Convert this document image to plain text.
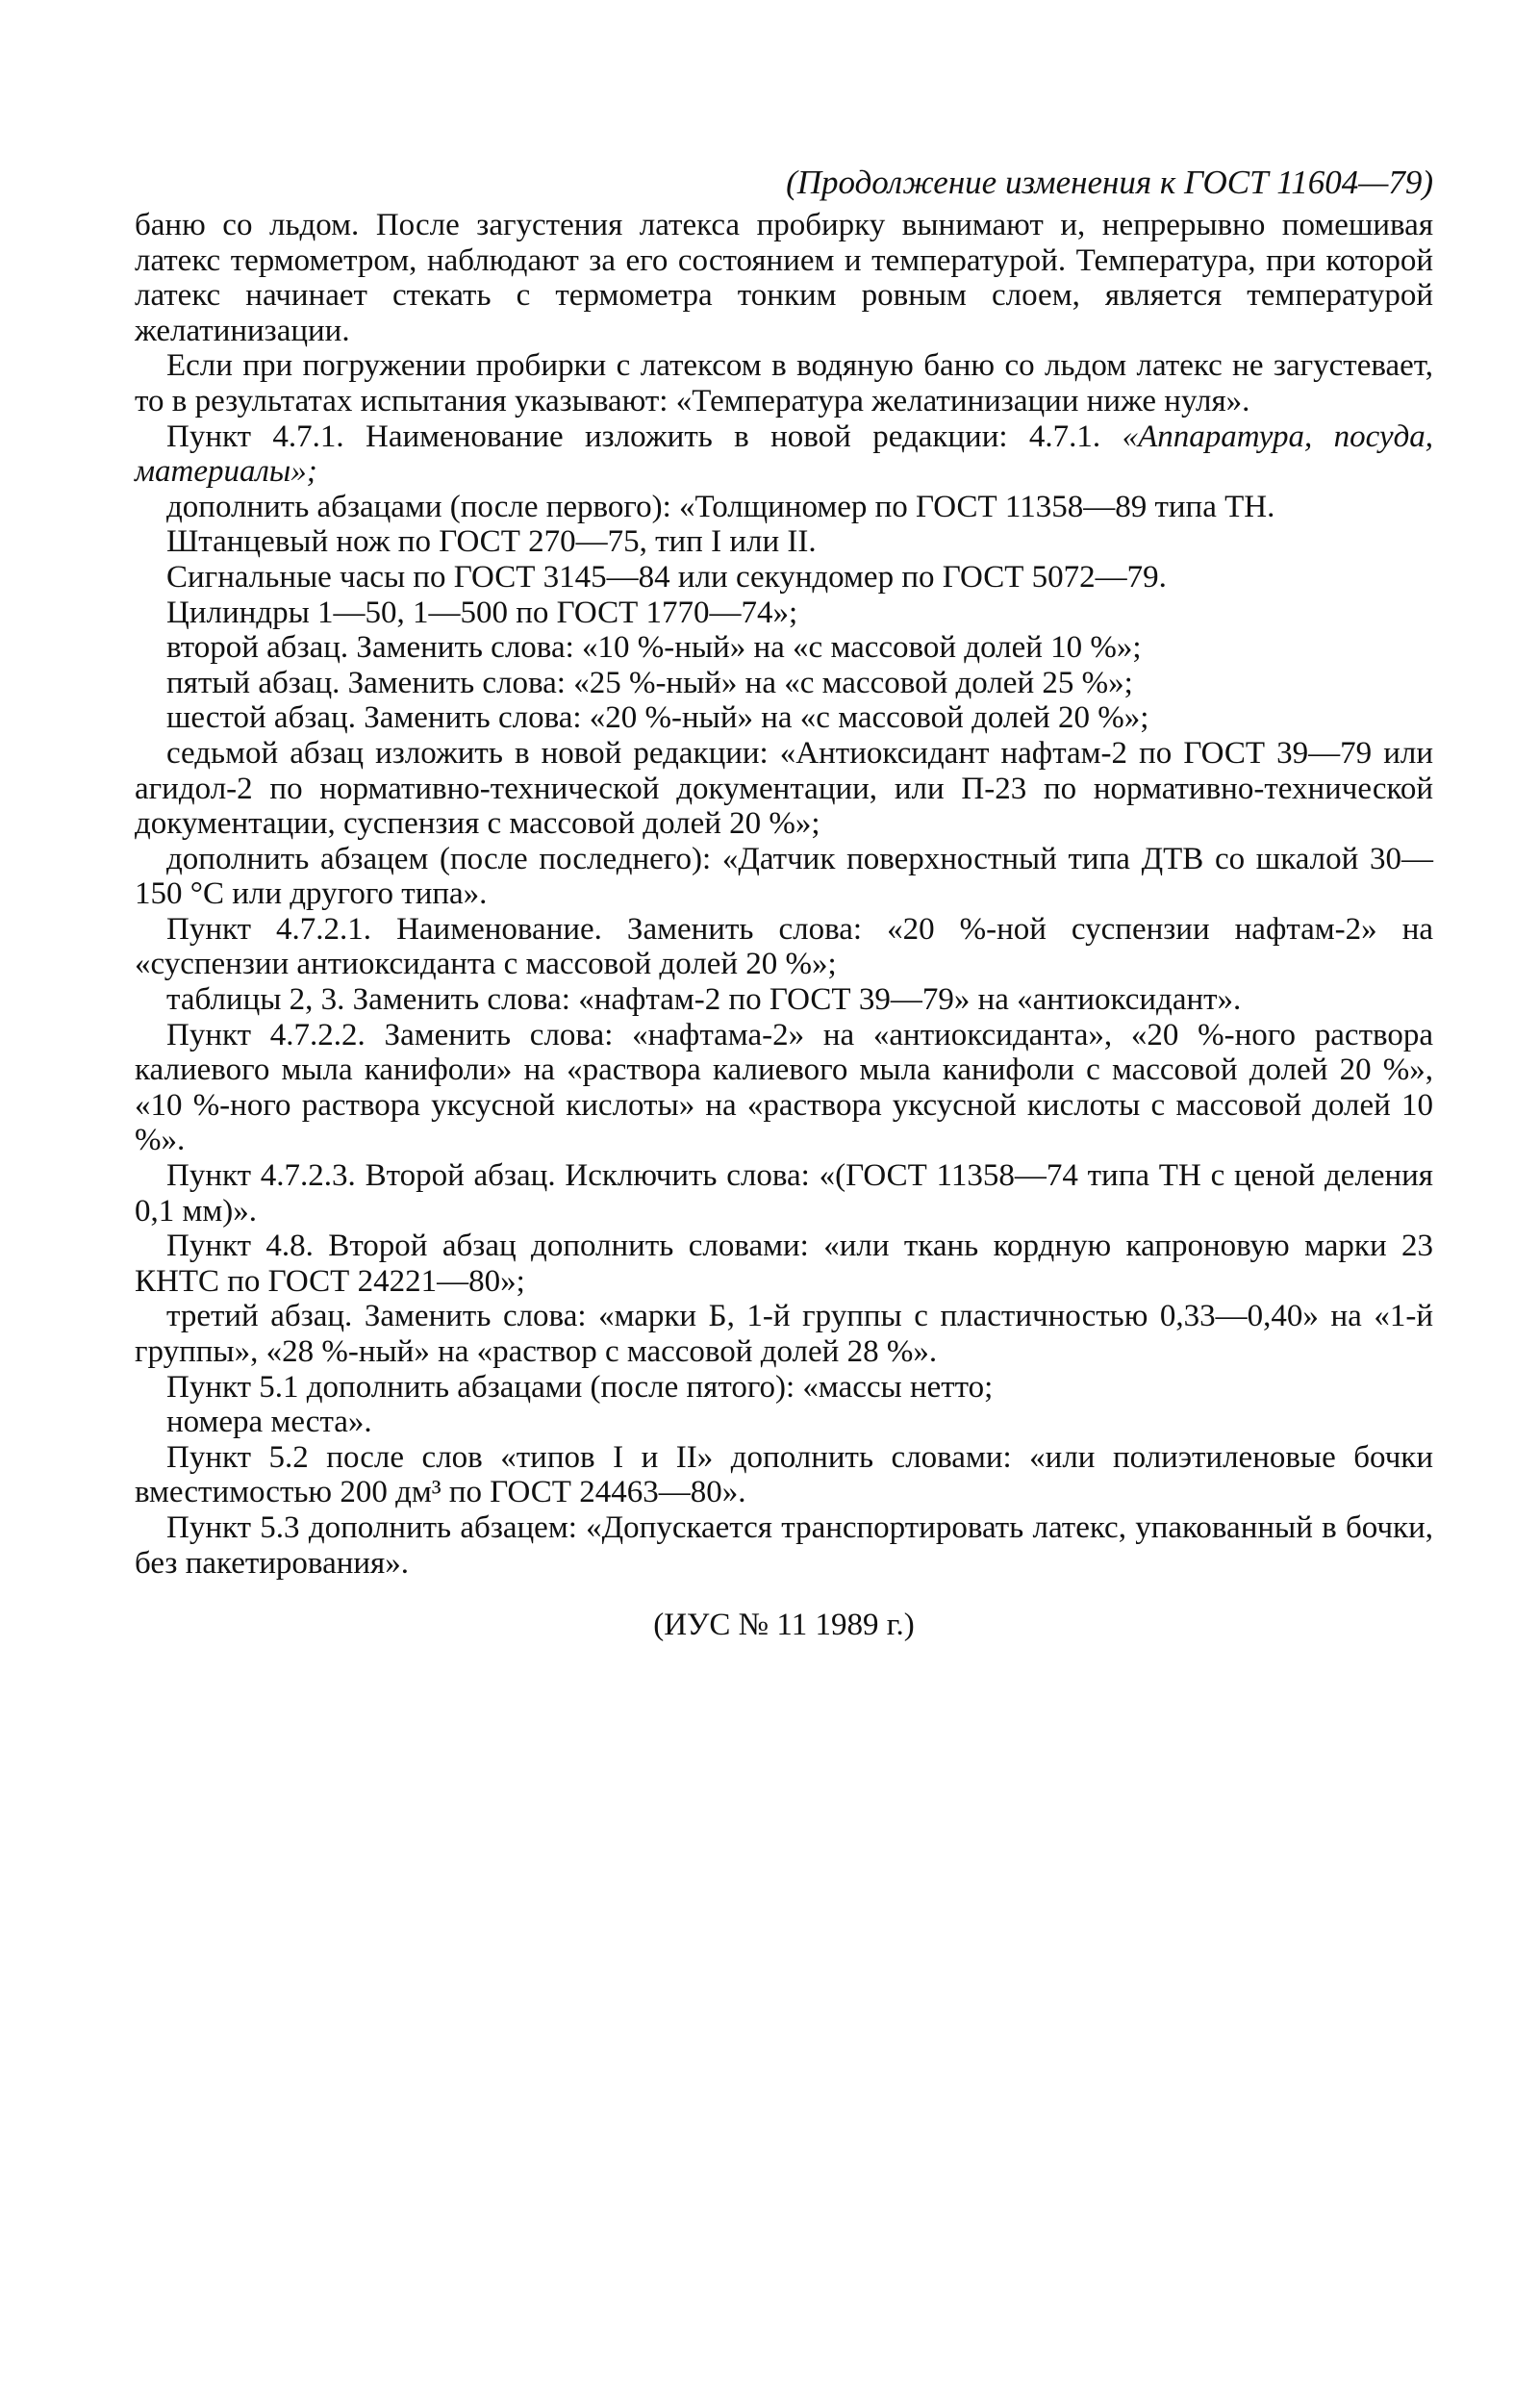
(Продолжение изменения к ГОСТ 11604—79)

баню со льдом. После загустения латекса пробирку вынимают и, непрерывно помешивая латекс термометром, наблюдают за его состоянием и температурой. Температура, при которой латекс начинает стекать с термометра тонким ровным слоем, является температурой желатинизации.

Если при погружении пробирки с латексом в водяную баню со льдом латекс не загустевает, то в результатах испытания указывают: «Температура желатинизации ниже нуля».

Пункт 4.7.1. Наименование изложить в новой редакции: 4.7.1. «Аппаратура, посуда, материалы»;

дополнить абзацами (после первого): «Толщиномер по ГОСТ 11358—89 типа ТН.

Штанцевый нож по ГОСТ 270—75, тип I или II.

Сигнальные часы по ГОСТ 3145—84 или секундомер по ГОСТ 5072—79.

Цилиндры 1—50, 1—500 по ГОСТ 1770—74»;

второй абзац. Заменить слова: «10 %-ный» на «с массовой долей 10 %»;

пятый абзац. Заменить слова: «25 %-ный» на «с массовой долей 25 %»;

шестой абзац. Заменить слова: «20 %-ный» на «с массовой долей 20 %»;

седьмой абзац изложить в новой редакции: «Антиоксидант нафтам-2 по ГОСТ 39—79 или агидол-2 по нормативно-технической документации, или П-23 по нормативно-технической документации, суспензия с массовой долей 20 %»;

дополнить абзацем (после последнего): «Датчик поверхностный типа ДТВ со шкалой 30—150 °С или другого типа».

Пункт 4.7.2.1. Наименование. Заменить слова: «20 %-ной суспензии нафтам-2» на «суспензии антиоксиданта с массовой долей 20 %»;

таблицы 2, 3. Заменить слова: «нафтам-2 по ГОСТ 39—79» на «антиоксидант».

Пункт 4.7.2.2. Заменить слова: «нафтама-2» на «антиоксиданта», «20 %-ного раствора калиевого мыла канифоли» на «раствора калиевого мыла канифоли с массовой долей 20 %», «10 %-ного раствора уксусной кислоты» на «раствора уксусной кислоты с массовой долей 10 %».

Пункт 4.7.2.3. Второй абзац. Исключить слова: «(ГОСТ 11358—74 типа ТН с ценой деления 0,1 мм)».

Пункт 4.8. Второй абзац дополнить словами: «или ткань кордную капроновую марки 23 КНТС по ГОСТ 24221—80»;

третий абзац. Заменить слова: «марки Б, 1-й группы с пластичностью 0,33—0,40» на «1-й группы», «28 %-ный» на «раствор с массовой долей 28 %».

Пункт 5.1 дополнить абзацами (после пятого): «массы нетто;

номера места».

Пункт 5.2 после слов «типов I и II» дополнить словами: «или полиэтиленовые бочки вместимостью 200 дм³ по ГОСТ 24463—80».

Пункт 5.3 дополнить абзацем: «Допускается транспортировать латекс, упакованный в бочки, без пакетирования».

(ИУС № 11 1989 г.)
